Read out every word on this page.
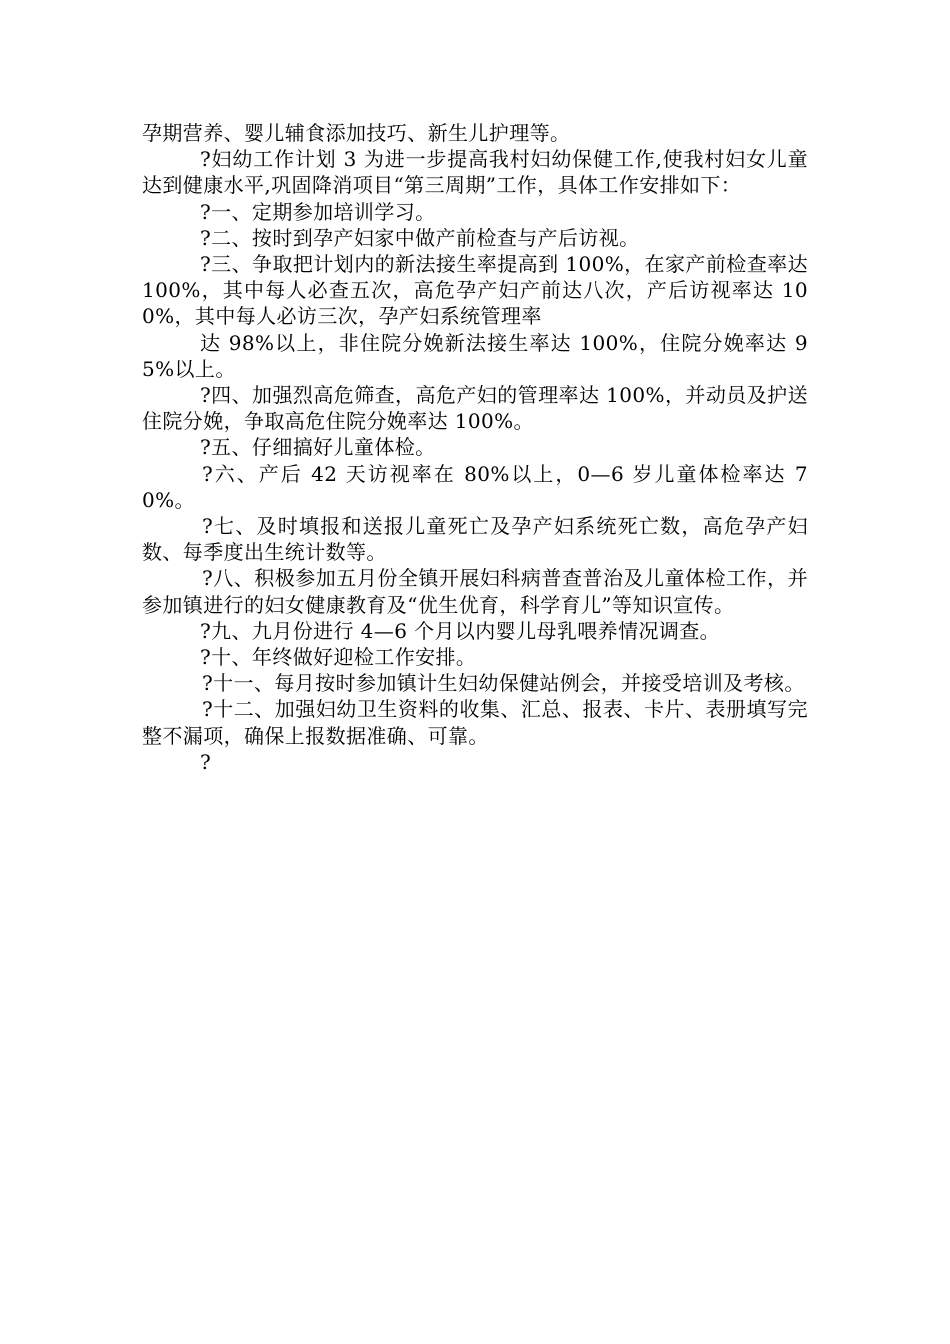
孕期营养、婴儿辅食添加技巧、新生儿护理等。

?妇幼工作计划 3 为进一步提高我村妇幼保健工作,使我村妇女儿童达到健康水平,巩固降消项目“第三周期”工作，具体工作安排如下：

?一、定期参加培训学习。

?二、按时到孕产妇家中做产前检查与产后访视。

?三、争取把计划内的新法接生率提高到 100%，在家产前检查率达 100%，其中每人必查五次，高危孕产妇产前达八次，产后访视率达 100%，其中每人必访三次，孕产妇系统管理率

达 98%以上，非住院分娩新法接生率达 100%，住院分娩率达 95%以上。

?四、加强烈高危筛查，高危产妇的管理率达 100%，并动员及护送住院分娩，争取高危住院分娩率达 100%。

?五、仔细搞好儿童体检。

?六、产后 42 天访视率在 80%以上，0—6 岁儿童体检率达 70%。

?七、及时填报和送报儿童死亡及孕产妇系统死亡数，高危孕产妇数、每季度出生统计数等。

?八、积极参加五月份全镇开展妇科病普查普治及儿童体检工作，并参加镇进行的妇女健康教育及“优生优育，科学育儿”等知识宣传。

?九、九月份进行 4—6 个月以内婴儿母乳喂养情况调查。

?十、年终做好迎检工作安排。

?十一、每月按时参加镇计生妇幼保健站例会，并接受培训及考核。

?十二、加强妇幼卫生资料的收集、汇总、报表、卡片、表册填写完整不漏项，确保上报数据准确、可靠。

?
